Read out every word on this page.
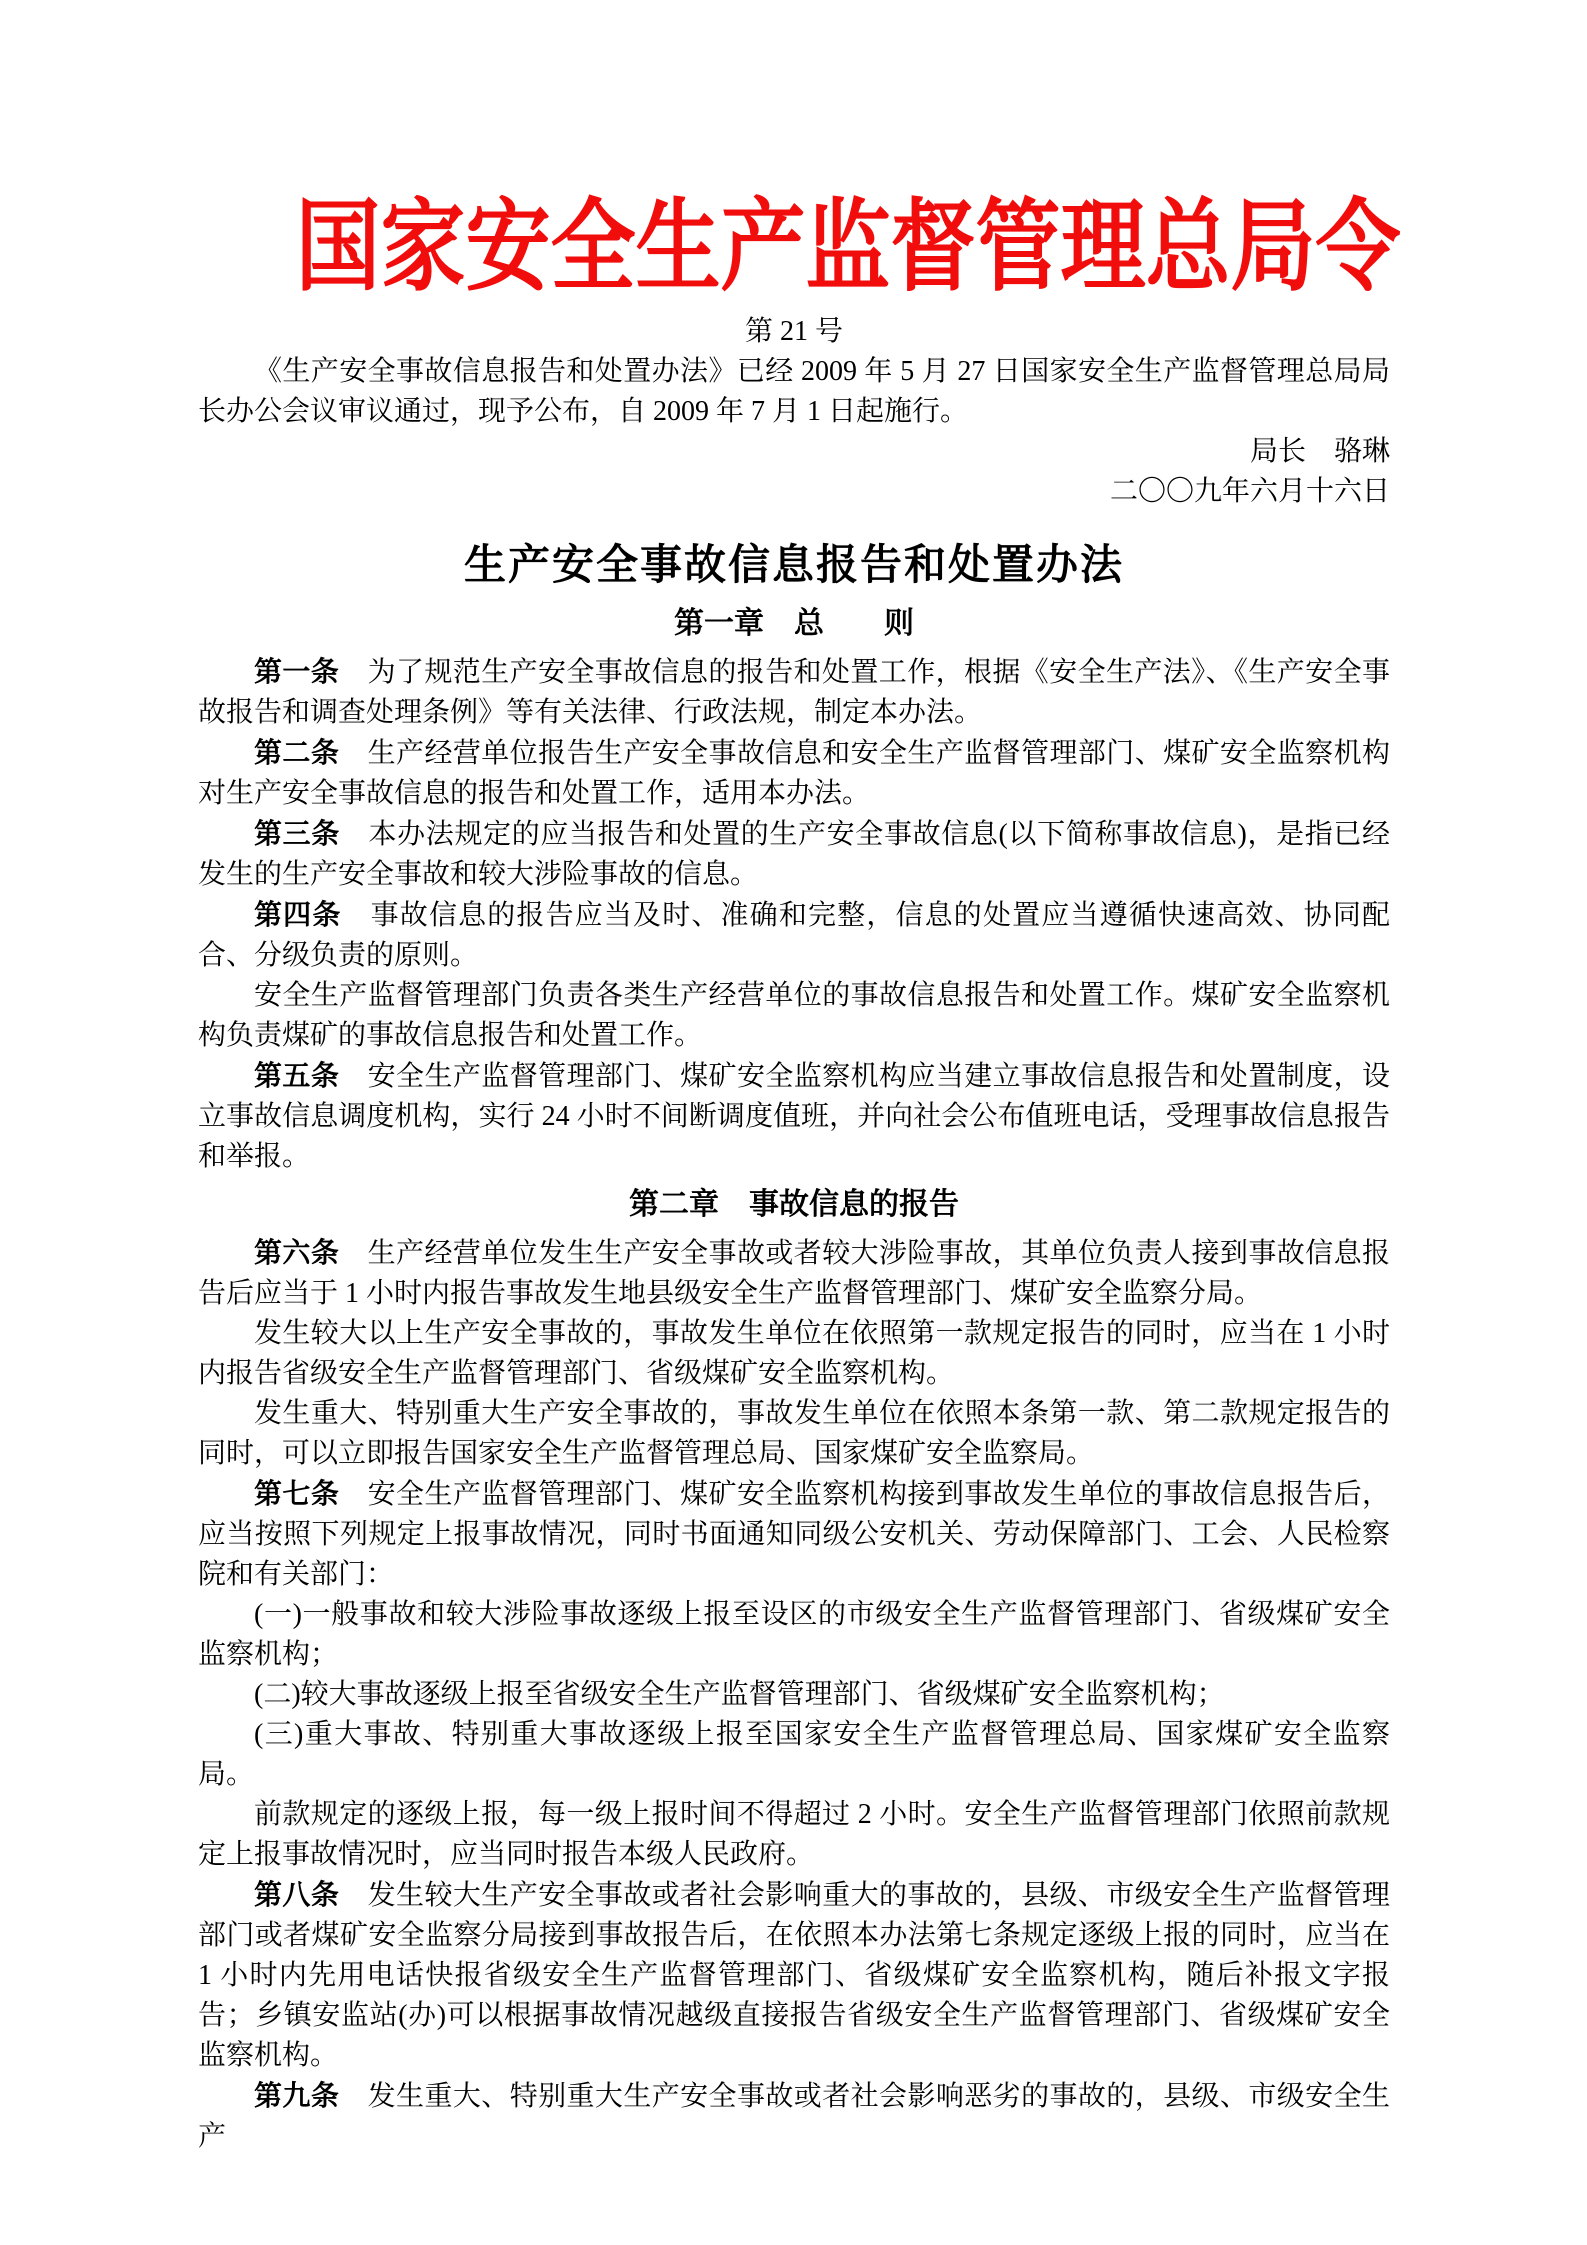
国家安全生产监督管理总局令
第 21 号

《生产安全事故信息报告和处置办法》已经 2009 年 5 月 27 日国家安全生产监督管理总局局长办公会议审议通过，现予公布，自 2009 年 7 月 1 日起施行。

局长 骆琳
二〇〇九年六月十六日
生产安全事故信息报告和处置办法
第一章　总　　则

第一条　为了规范生产安全事故信息的报告和处置工作，根据《安全生产法》、《生产安全事故报告和调查处理条例》等有关法律、行政法规，制定本办法。

第二条　生产经营单位报告生产安全事故信息和安全生产监督管理部门、煤矿安全监察机构对生产安全事故信息的报告和处置工作，适用本办法。

第三条　本办法规定的应当报告和处置的生产安全事故信息(以下简称事故信息)，是指已经发生的生产安全事故和较大涉险事故的信息。

第四条　事故信息的报告应当及时、准确和完整，信息的处置应当遵循快速高效、协同配合、分级负责的原则。

安全生产监督管理部门负责各类生产经营单位的事故信息报告和处置工作。煤矿安全监察机构负责煤矿的事故信息报告和处置工作。

第五条　安全生产监督管理部门、煤矿安全监察机构应当建立事故信息报告和处置制度，设立事故信息调度机构，实行 24 小时不间断调度值班，并向社会公布值班电话，受理事故信息报告和举报。

第二章　事故信息的报告

第六条　生产经营单位发生生产安全事故或者较大涉险事故，其单位负责人接到事故信息报告后应当于 1 小时内报告事故发生地县级安全生产监督管理部门、煤矿安全监察分局。

发生较大以上生产安全事故的，事故发生单位在依照第一款规定报告的同时，应当在 1 小时内报告省级安全生产监督管理部门、省级煤矿安全监察机构。

发生重大、特别重大生产安全事故的，事故发生单位在依照本条第一款、第二款规定报告的同时，可以立即报告国家安全生产监督管理总局、国家煤矿安全监察局。

第七条　安全生产监督管理部门、煤矿安全监察机构接到事故发生单位的事故信息报告后，应当按照下列规定上报事故情况，同时书面通知同级公安机关、劳动保障部门、工会、人民检察院和有关部门：

(一)一般事故和较大涉险事故逐级上报至设区的市级安全生产监督管理部门、省级煤矿安全监察机构；

(二)较大事故逐级上报至省级安全生产监督管理部门、省级煤矿安全监察机构；

(三)重大事故、特别重大事故逐级上报至国家安全生产监督管理总局、国家煤矿安全监察局。

前款规定的逐级上报，每一级上报时间不得超过 2 小时。安全生产监督管理部门依照前款规定上报事故情况时，应当同时报告本级人民政府。

第八条　发生较大生产安全事故或者社会影响重大的事故的，县级、市级安全生产监督管理部门或者煤矿安全监察分局接到事故报告后，在依照本办法第七条规定逐级上报的同时，应当在 1 小时内先用电话快报省级安全生产监督管理部门、省级煤矿安全监察机构，随后补报文字报告；乡镇安监站(办)可以根据事故情况越级直接报告省级安全生产监督管理部门、省级煤矿安全监察机构。

第九条　发生重大、特别重大生产安全事故或者社会影响恶劣的事故的，县级、市级安全生产
